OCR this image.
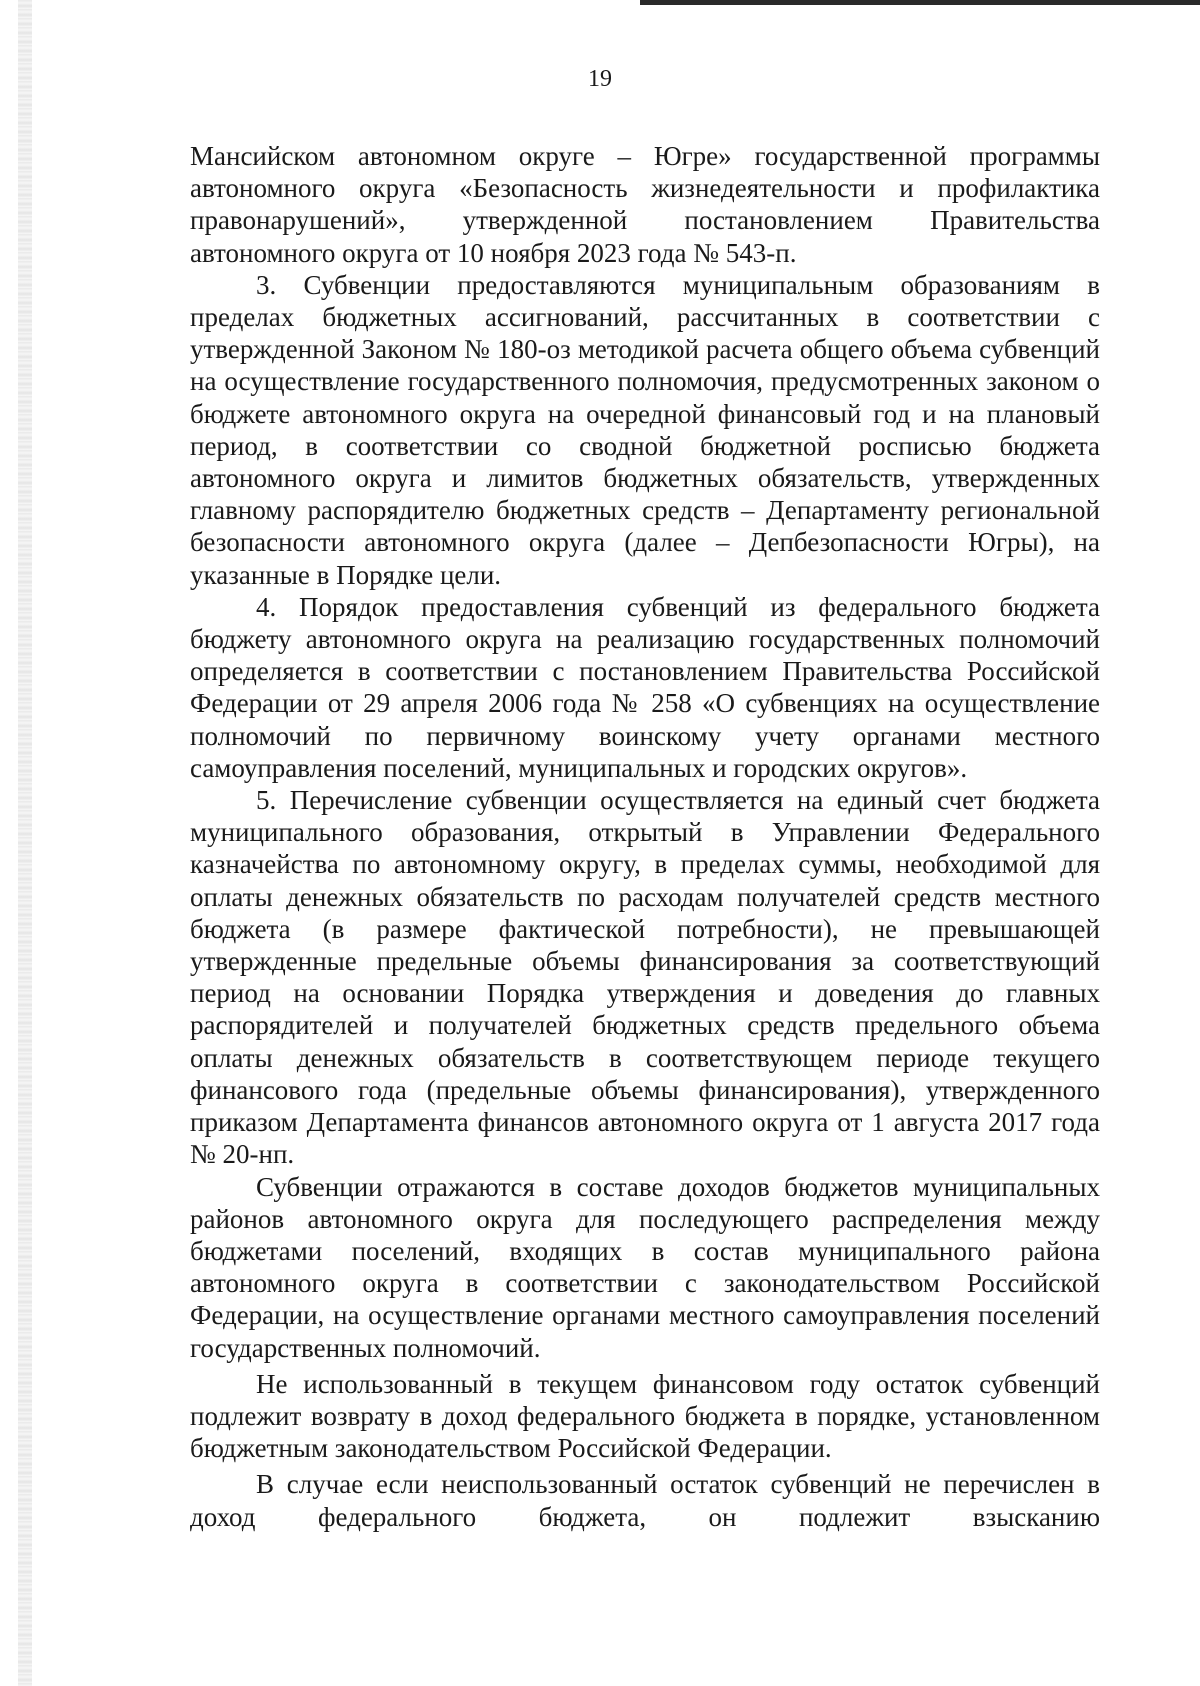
19

Мансийском автономном округе – Югре» государственной программы автономного округа «Безопасность жизнедеятельности и профилактика правонарушений», утвержденной постановлением Правительства автономного округа от 10 ноября 2023 года № 543-п.

3. Субвенции предоставляются муниципальным образованиям в пределах бюджетных ассигнований, рассчитанных в соответствии с утвержденной Законом № 180-оз методикой расчета общего объема субвенций на осуществление государственного полномочия, предусмотренных законом о бюджете автономного округа на очередной финансовый год и на плановый период, в соответствии со сводной бюджетной росписью бюджета автономного округа и лимитов бюджетных обязательств, утвержденных главному распорядителю бюджетных средств – Департаменту региональной безопасности автономного округа (далее – Депбезопасности Югры), на указанные в Порядке цели.

4. Порядок предоставления субвенций из федерального бюджета бюджету автономного округа на реализацию государственных полномочий определяется в соответствии с постановлением Правительства Российской Федерации от 29 апреля 2006 года № 258 «О субвенциях на осуществление полномочий по первичному воинскому учету органами местного самоуправления поселений, муниципальных и городских округов».

5. Перечисление субвенции осуществляется на единый счет бюджета муниципального образования, открытый в Управлении Федерального казначейства по автономному округу, в пределах суммы, необходимой для оплаты денежных обязательств по расходам получателей средств местного бюджета (в размере фактической потребности), не превышающей утвержденные предельные объемы финансирования за соответствующий период на основании Порядка утверждения и доведения до главных распорядителей и получателей бюджетных средств предельного объема оплаты денежных обязательств в соответствующем периоде текущего финансового года (предельные объемы финансирования), утвержденного приказом Департамента финансов автономного округа от 1 августа 2017 года № 20-нп.

Субвенции отражаются в составе доходов бюджетов муниципальных районов автономного округа для последующего распределения между бюджетами поселений, входящих в состав муниципального района автономного округа в соответствии с законодательством Российской Федерации, на осуществление органами местного самоуправления поселений государственных полномочий.

Не использованный в текущем финансовом году остаток субвенций подлежит возврату в доход федерального бюджета в порядке, установленном бюджетным законодательством Российской Федерации.

В случае если неиспользованный остаток субвенций не перечислен в доход федерального бюджета, он подлежит взысканию
